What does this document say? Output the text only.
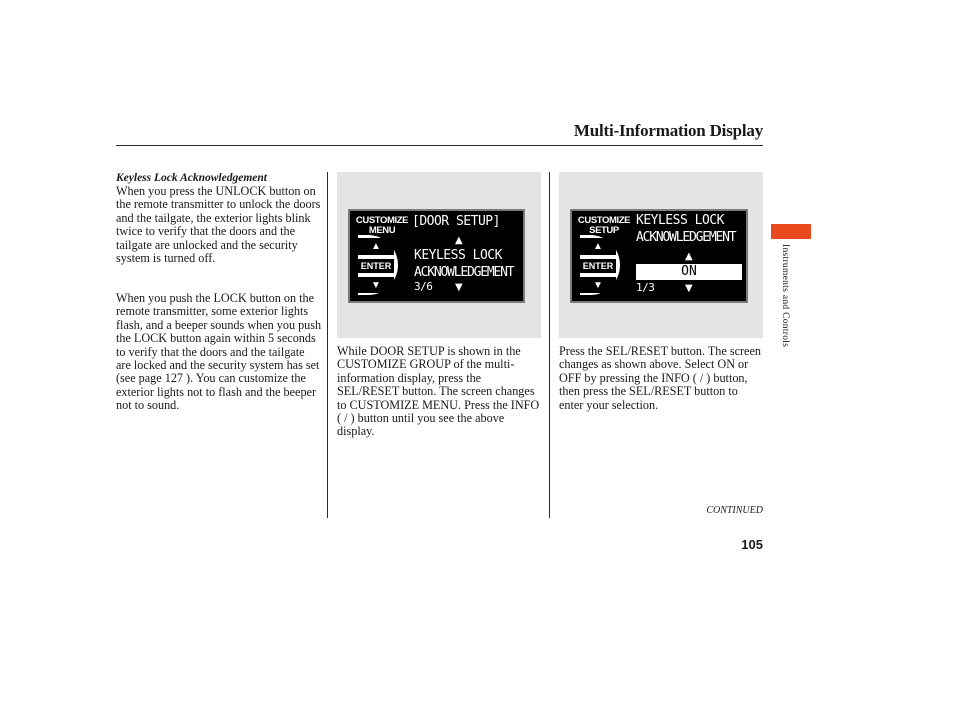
Multi-Information Display
Keyless Lock Acknowledgement
When you press the UNLOCK button on the remote transmitter to unlock the doors and the tailgate, the exterior lights blink twice to verify that the doors and the tailgate are unlocked and the security system is turned off.
When you push the LOCK button on the remote transmitter, some exterior lights flash, and a beeper sounds when you push the LOCK button again within 5 seconds to verify that the doors and the tailgate are locked and the security system has set (see page 127 ). You can customize the exterior lights not to flash and the beeper not to sound.
CUSTOMIZE
MENU
▲
ENTER
▼
[DOOR SETUP]
▲
KEYLESS LOCK
ACKNOWLEDGEMENT
3/6 ▼
CUSTOMIZE
SETUP
▲
ENTER
▼
KEYLESS LOCK
ACKNOWLEDGEMENT
▲
ON
1/3	▼
While DOOR SETUP is shown in the CUSTOMIZE GROUP of the multi-information display, press the SEL/RESET button. The screen changes to CUSTOMIZE MENU. Press the INFO ( / ) button until you see the above display.
Press the SEL/RESET button. The screen changes as shown above. Select ON or OFF by pressing the INFO ( / ) button, then press the SEL/RESET button to enter your selection.
Instruments and Controls
CONTINUED
105
